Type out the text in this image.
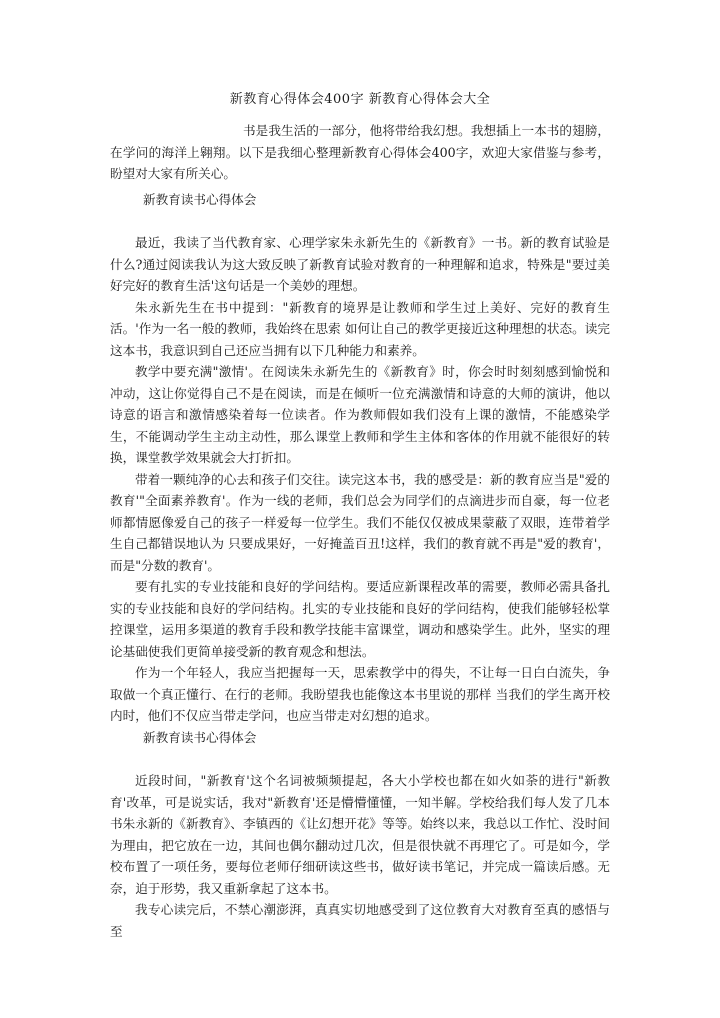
新教育心得体会400字 新教育心得体会大全

书是我生活的一部分，他将带给我幻想。我想插上一本书的翅膀，在学问的海洋上翱翔。以下是我细心整理新教育心得体会400字，欢迎大家借鉴与参考，盼望对大家有所关心。

新教育读书心得体会

最近，我读了当代教育家、心理学家朱永新先生的《新教育》一书。新的教育试验是什么?通过阅读我认为这大致反映了新教育试验对教育的一种理解和追求，特殊是"要过美好完好的教育生活'这句话是一个美妙的理想。

朱永新先生在书中提到："新教育的境界是让教师和学生过上美好、完好的教育生活。'作为一名一般的教师，我始终在思索 如何让自己的教学更接近这种理想的状态。读完这本书，我意识到自己还应当拥有以下几种能力和素养。

教学中要充满"激情'。在阅读朱永新先生的《新教育》时，你会时时刻刻感到愉悦和冲动，这让你觉得自己不是在阅读，而是在倾听一位充满激情和诗意的大师的演讲，他以诗意的语言和激情感染着每一位读者。作为教师假如我们没有上课的激情，不能感染学生，不能调动学生主动主动性，那么课堂上教师和学生主体和客体的作用就不能很好的转换，课堂教学效果就会大打折扣。

带着一颗纯净的心去和孩子们交往。读完这本书，我的感受是：新的教育应当是"爱的教育'"全面素养教育'。作为一线的老师，我们总会为同学们的点滴进步而自豪，每一位老师都情愿像爱自己的孩子一样爱每一位学生。我们不能仅仅被成果蒙蔽了双眼，连带着学生自己都错误地认为 只要成果好，一好掩盖百丑!这样，我们的教育就不再是"爱的教育'，而是"分数的教育'。

要有扎实的专业技能和良好的学问结构。要适应新课程改革的需要，教师必需具备扎实的专业技能和良好的学问结构。扎实的专业技能和良好的学问结构，使我们能够轻松掌控课堂，运用多渠道的教育手段和教学技能丰富课堂，调动和感染学生。此外，坚实的理论基础使我们更简单接受新的教育观念和想法。

作为一个年轻人，我应当把握每一天，思索教学中的得失，不让每一日白白流失，争取做一个真正懂行、在行的老师。我盼望我也能像这本书里说的那样 当我们的学生离开校内时，他们不仅应当带走学问，也应当带走对幻想的追求。

新教育读书心得体会

近段时间，"新教育'这个名词被频频提起，各大小学校也都在如火如荼的进行"新教育'改革，可是说实话，我对"新教育'还是懵懵懂懂，一知半解。学校给我们每人发了几本书朱永新的《新教育》、李镇西的《让幻想开花》等等。始终以来，我总以工作忙、没时间为理由，把它放在一边，其间也偶尔翻动过几次，但是很快就不再理它了。可是如今，学校布置了一项任务，要每位老师仔细研读这些书，做好读书笔记，并完成一篇读后感。无奈，迫于形势，我又重新拿起了这本书。

我专心读完后，不禁心潮澎湃，真真实切地感受到了这位教育大对教育至真的感悟与至
